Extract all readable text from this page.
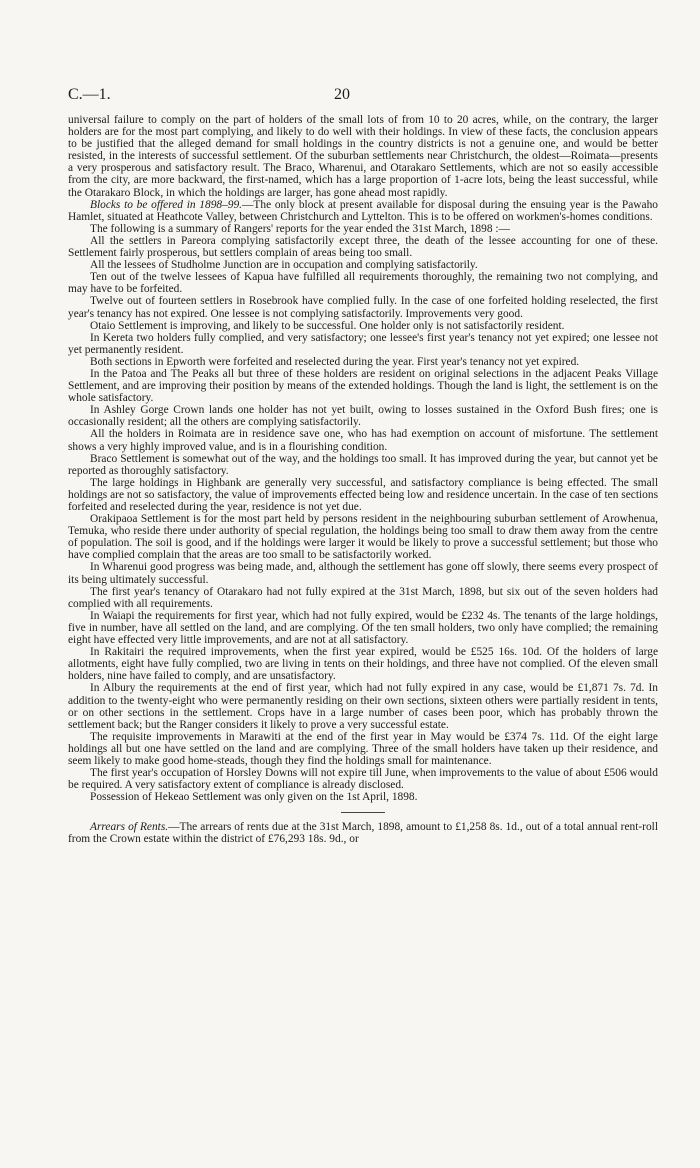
C.—1.	20

universal failure to comply on the part of holders of the small lots of from 10 to 20 acres, while, on the contrary, the larger holders are for the most part complying, and likely to do well with their holdings. In view of these facts, the conclusion appears to be justified that the alleged demand for small holdings in the country districts is not a genuine one, and would be better resisted, in the interests of successful settlement. Of the suburban settlements near Christchurch, the oldest—Roimata—presents a very prosperous and satisfactory result. The Braco, Wharenui, and Otarakaro Settlements, which are not so easily accessible from the city, are more backward, the first-named, which has a large proportion of 1-acre lots, being the least successful, while the Otarakaro Block, in which the holdings are larger, has gone ahead most rapidly.

Blocks to be offered in 1898–99.—The only block at present available for disposal during the ensuing year is the Pawaho Hamlet, situated at Heathcote Valley, between Christchurch and Lyttelton. This is to be offered on workmen's-homes conditions.

The following is a summary of Rangers' reports for the year ended the 31st March, 1898 :—

All the settlers in Pareora complying satisfactorily except three, the death of the lessee accounting for one of these. Settlement fairly prosperous, but settlers complain of areas being too small.

All the lessees of Studholme Junction are in occupation and complying satisfactorily.

Ten out of the twelve lessees of Kapua have fulfilled all requirements thoroughly, the remaining two not complying, and may have to be forfeited.

Twelve out of fourteen settlers in Rosebrook have complied fully. In the case of one forfeited holding reselected, the first year's tenancy has not expired. One lessee is not complying satisfactorily. Improvements very good.

Otaio Settlement is improving, and likely to be successful. One holder only is not satisfactorily resident.

In Kereta two holders fully complied, and very satisfactory; one lessee's first year's tenancy not yet expired; one lessee not yet permanently resident.

Both sections in Epworth were forfeited and reselected during the year. First year's tenancy not yet expired.

In the Patoa and The Peaks all but three of these holders are resident on original selections in the adjacent Peaks Village Settlement, and are improving their position by means of the extended holdings. Though the land is light, the settlement is on the whole satisfactory.

In Ashley Gorge Crown lands one holder has not yet built, owing to losses sustained in the Oxford Bush fires; one is occasionally resident; all the others are complying satisfactorily.

All the holders in Roimata are in residence save one, who has had exemption on account of misfortune. The settlement shows a very highly improved value, and is in a flourishing condition.

Braco Settlement is somewhat out of the way, and the holdings too small. It has improved during the year, but cannot yet be reported as thoroughly satisfactory.

The large holdings in Highbank are generally very successful, and satisfactory compliance is being effected. The small holdings are not so satisfactory, the value of improvements effected being low and residence uncertain. In the case of ten sections forfeited and reselected during the year, residence is not yet due.

Orakipaoa Settlement is for the most part held by persons resident in the neighbouring suburban settlement of Arowhenua, Temuka, who reside there under authority of special regulation, the holdings being too small to draw them away from the centre of population. The soil is good, and if the holdings were larger it would be likely to prove a successful settlement; but those who have complied complain that the areas are too small to be satisfactorily worked.

In Wharenui good progress was being made, and, although the settlement has gone off slowly, there seems every prospect of its being ultimately successful.

The first year's tenancy of Otarakaro had not fully expired at the 31st March, 1898, but six out of the seven holders had complied with all requirements.

In Waiapi the requirements for first year, which had not fully expired, would be £232 4s. The tenants of the large holdings, five in number, have all settled on the land, and are complying. Of the ten small holders, two only have complied; the remaining eight have effected very little improvements, and are not at all satisfactory.

In Rakitairi the required improvements, when the first year expired, would be £525 16s. 10d. Of the holders of large allotments, eight have fully complied, two are living in tents on their holdings, and three have not complied. Of the eleven small holders, nine have failed to comply, and are unsatisfactory.

In Albury the requirements at the end of first year, which had not fully expired in any case, would be £1,871 7s. 7d. In addition to the twenty-eight who were permanently residing on their own sections, sixteen others were partially resident in tents, or on other sections in the settlement. Crops have in a large number of cases been poor, which has probably thrown the settlement back; but the Ranger considers it likely to prove a very successful estate.

The requisite improvements in Marawiti at the end of the first year in May would be £374 7s. 11d. Of the eight large holdings all but one have settled on the land and are complying. Three of the small holders have taken up their residence, and seem likely to make good home-steads, though they find the holdings small for maintenance.

The first year's occupation of Horsley Downs will not expire till June, when improvements to the value of about £506 would be required. A very satisfactory extent of compliance is already disclosed.

Possession of Hekeao Settlement was only given on the 1st April, 1898.

Arrears of Rents.—The arrears of rents due at the 31st March, 1898, amount to £1,258 8s. 1d., out of a total annual rent-roll from the Crown estate within the district of £76,293 18s. 9d., or
